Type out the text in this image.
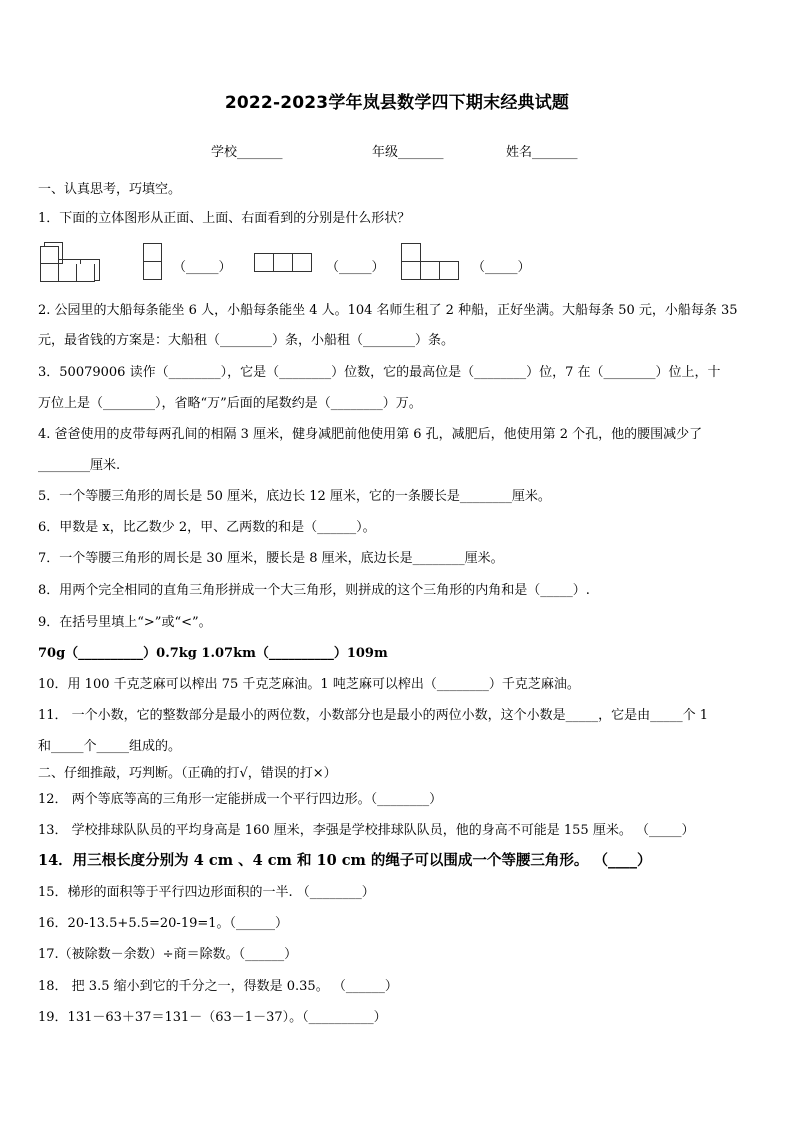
2022-2023学年岚县数学四下期末经典试题
学校_______	年级_______	姓名_______
一、认真思考，巧填空。
1．下面的立体图形从正面、上面、右面看到的分别是什么形状？
（_____）	（_____）	（_____）
2. 公园里的大船每条能坐 6 人，小船每条能坐 4 人。104 名师生租了 2 种船，正好坐满。大船每条 50 元，小船每条 35
元，最省钱的方案是：大船租（________）条，小船租（________）条。
3．50079006 读作（________），它是（________）位数，它的最高位是（________）位，7 在（________）位上，十
万位上是（________），省略“万”后面的尾数约是（________）万。
4. 爸爸使用的皮带每两孔间的相隔 3 厘米，健身减肥前他使用第 6 孔，减肥后，他使用第 2 个孔，他的腰围减少了
________厘米.
5．一个等腰三角形的周长是 50 厘米，底边长 12 厘米，它的一条腰长是________厘米。
6．甲数是 x，比乙数少 2，甲、乙两数的和是（______）。
7．一个等腰三角形的周长是 30 厘米，腰长是 8 厘米，底边长是________厘米。
8．用两个完全相同的直角三角形拼成一个大三角形，则拼成的这个三角形的内角和是（_____）.
9．在括号里填上“>”或“<”。
70g（__________）0.7kg 1.07km（__________）109m
10．用 100 千克芝麻可以榨出 75 千克芝麻油。1 吨芝麻可以榨出（________）千克芝麻油。
11． 一个小数，它的整数部分是最小的两位数，小数部分也是最小的两位小数，这个小数是_____，它是由_____个 1
和_____个_____组成的。
二、仔细推敲，巧判断。（正确的打√，错误的打×）
12． 两个等底等高的三角形一定能拼成一个平行四边形。（________）
13． 学校排球队队员的平均身高是 160 厘米，李强是学校排球队队员，他的身高不可能是 155 厘米。 （_____）
14．用三根长度分别为 4 cm 、4 cm 和 10 cm 的绳子可以围成一个等腰三角形。 （____）
15．梯形的面积等于平行四边形面积的一半. （________）
16．20-13.5+5.5=20-19=1。（______）
17.（被除数－余数）÷商＝除数。（______）
18． 把 3.5 缩小到它的千分之一，得数是 0.35。 （______）
19．131－63＋37＝131－（63－1－37）。（__________）
